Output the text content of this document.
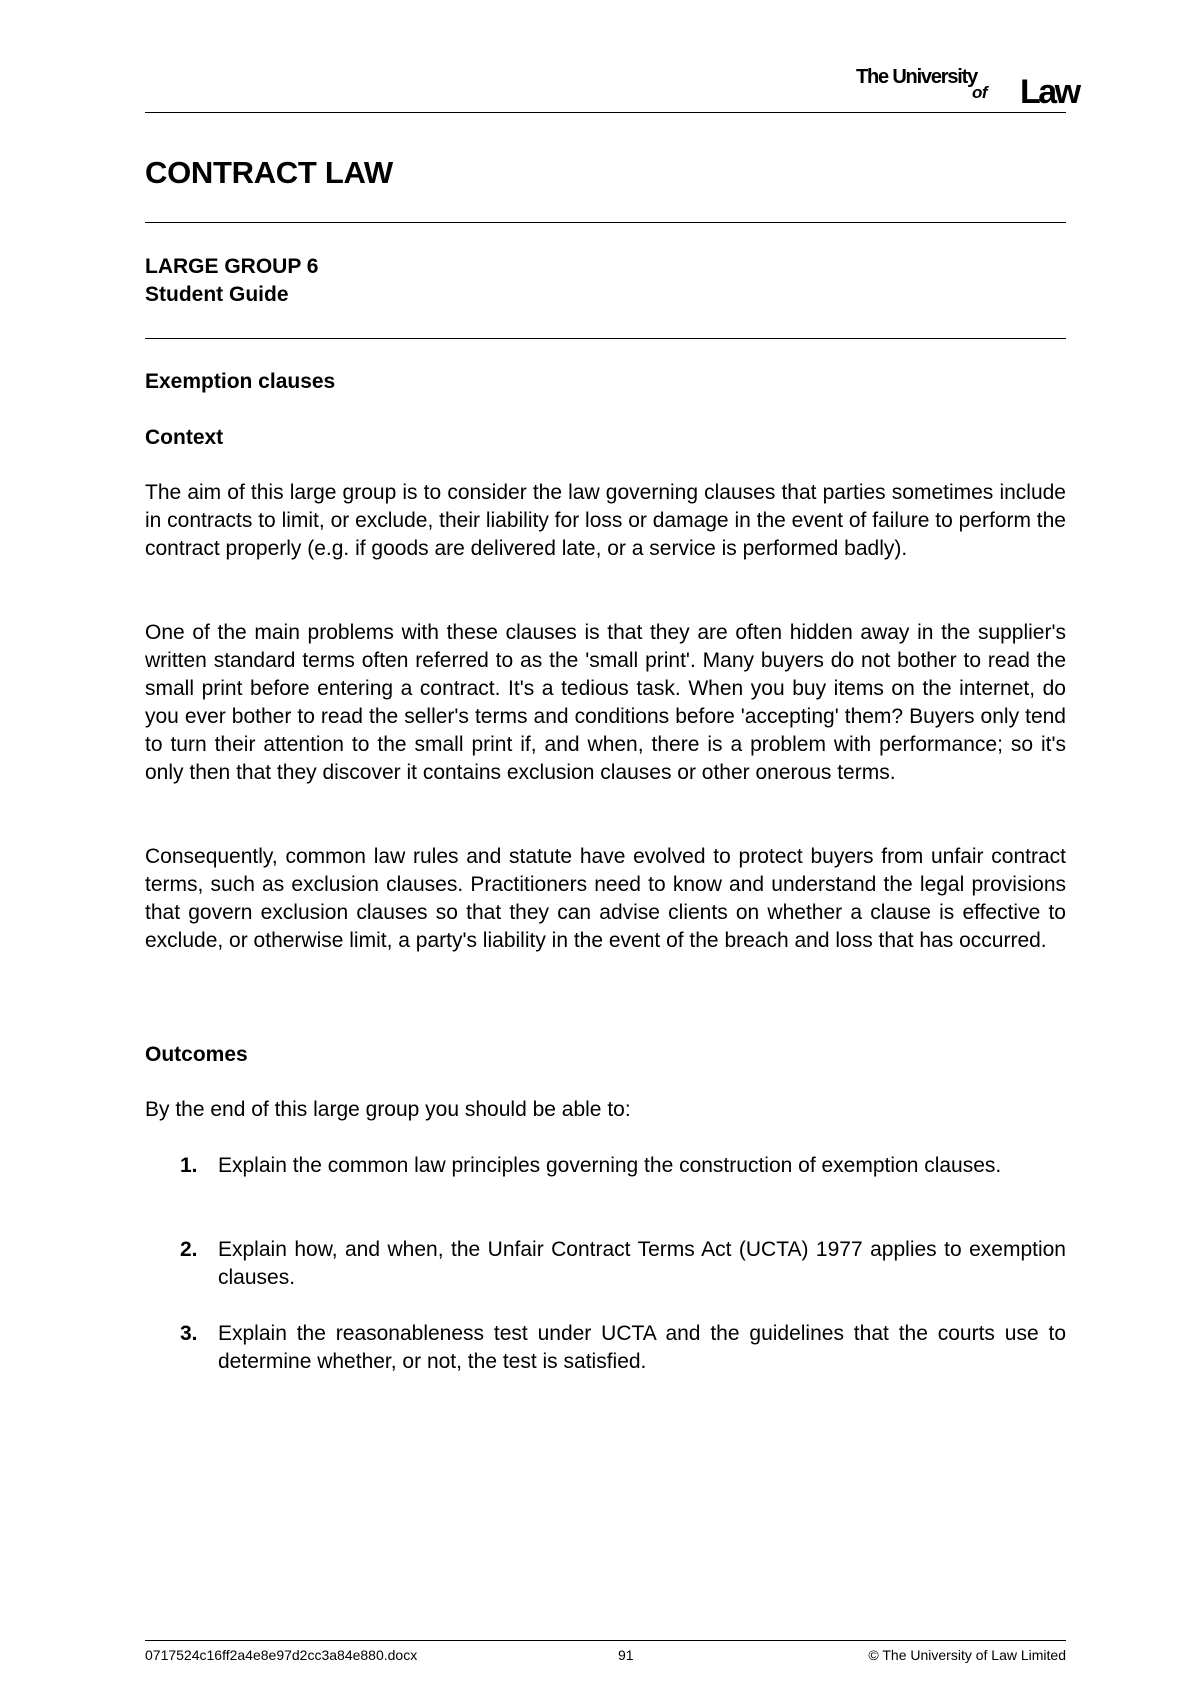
The University
of Law
CONTRACT LAW

LARGE GROUP 6

Student Guide

Exemption clauses
Context

The aim of this large group is to consider the law governing clauses that parties sometimes include in contracts to limit, or exclude, their liability for loss or damage in the event of failure to perform the contract properly (e.g. if goods are delivered late, or a service is performed badly).

One of the main problems with these clauses is that they are often hidden away in the supplier's written standard terms often referred to as the 'small print'. Many buyers do not bother to read the small print before entering a contract. It's a tedious task. When you buy items on the internet, do you ever bother to read the seller's terms and conditions before 'accepting' them? Buyers only tend to turn their attention to the small print if, and when, there is a problem with performance; so it's only then that they discover it contains exclusion clauses or other onerous terms.

Consequently, common law rules and statute have evolved to protect buyers from unfair contract terms, such as exclusion clauses. Practitioners need to know and understand the legal provisions that govern exclusion clauses so that they can advise clients on whether a clause is effective to exclude, or otherwise limit, a party's liability in the event of the breach and loss that has occurred.

Outcomes

By the end of this large group you should be able to:

1. Explain the common law principles governing the construction of exemption clauses.
2. Explain how, and when, the Unfair Contract Terms Act (UCTA) 1977 applies to exemption clauses.
3. Explain the reasonableness test under UCTA and the guidelines that the courts use to determine whether, or not, the test is satisfied.
0717524c16ff2a4e8e97d2cc3a84e880.docx	91	© The University of Law Limited
